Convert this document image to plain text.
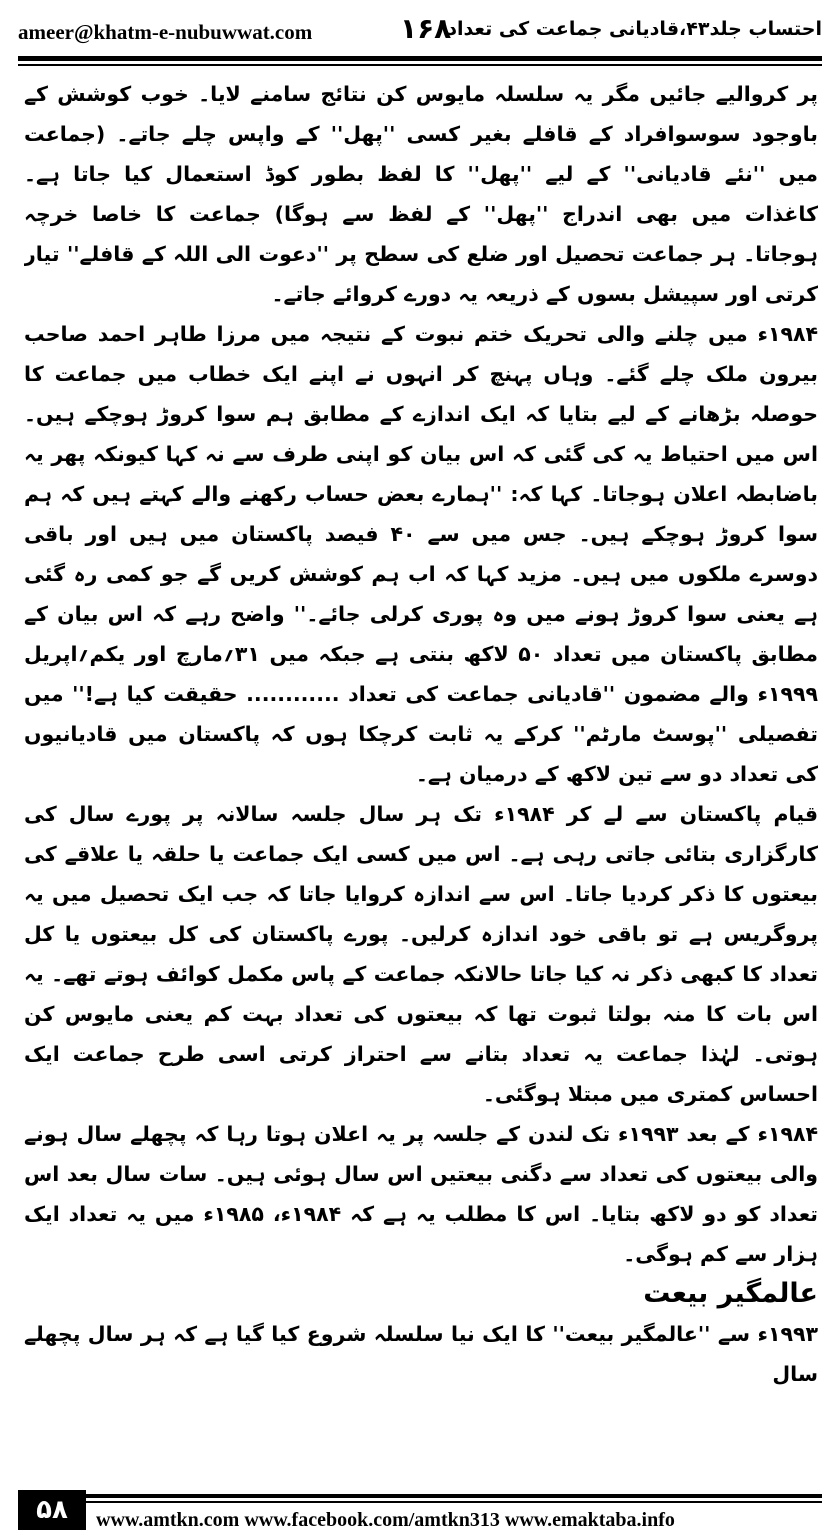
ameer@khatm-e-nubuwwat.com	۱۶۸
احتساب جلد۴۳،قادیانی جماعت کی تعداد

پر کروالیے جائیں مگر یہ سلسلہ مایوس کن نتائج سامنے لایا۔ خوب کوشش کے باوجود سوسوافراد کے قافلے بغیر کسی ''پھل'' کے واپس چلے جاتے۔ (جماعت میں ''نئے قادیانی'' کے لیے ''پھل'' کا لفظ بطور کوڈ استعمال کیا جاتا ہے۔ کاغذات میں بھی اندراج ''پھل'' کے لفظ سے ہوگا) جماعت کا خاصا خرچہ ہوجاتا۔ ہر جماعت تحصیل اور ضلع کی سطح پر ''دعوت الی اللہ کے قافلے'' تیار کرتی اور سپیشل بسوں کے ذریعہ یہ دورے کروائے جاتے۔

۱۹۸۴ء میں چلنے والی تحریک ختم نبوت کے نتیجہ میں مرزا طاہر احمد صاحب بیرون ملک چلے گئے۔ وہاں پہنچ کر انہوں نے اپنے ایک خطاب میں جماعت کا حوصلہ بڑھانے کے لیے بتایا کہ ایک اندازے کے مطابق ہم سوا کروڑ ہوچکے ہیں۔ اس میں احتیاط یہ کی گئی کہ اس بیان کو اپنی طرف سے نہ کہا کیونکہ پھر یہ باضابطہ اعلان ہوجاتا۔ کہا کہ: ''ہمارے بعض حساب رکھنے والے کہتے ہیں کہ ہم سوا کروڑ ہوچکے ہیں۔ جس میں سے ۴۰ فیصد پاکستان میں ہیں اور باقی دوسرے ملکوں میں ہیں۔ مزید کہا کہ اب ہم کوشش کریں گے جو کمی رہ گئی ہے یعنی سوا کروڑ ہونے میں وہ پوری کرلی جائے۔'' واضح رہے کہ اس بیان کے مطابق پاکستان میں تعداد ۵۰ لاکھ بنتی ہے جبکہ میں ۳۱؍مارچ اور یکم؍اپریل ۱۹۹۹ء والے مضمون ''قادیانی جماعت کی تعداد ............ حقیقت کیا ہے!'' میں تفصیلی ''پوسٹ مارٹم'' کرکے یہ ثابت کرچکا ہوں کہ پاکستان میں قادیانیوں کی تعداد دو سے تین لاکھ کے درمیان ہے۔

قیام پاکستان سے لے کر ۱۹۸۴ء تک ہر سال جلسہ سالانہ پر پورے سال کی کارگزاری بتائی جاتی رہی ہے۔ اس میں کسی ایک جماعت یا حلقہ یا علاقے کی بیعتوں کا ذکر کردیا جاتا۔ اس سے اندازہ کروایا جاتا کہ جب ایک تحصیل میں یہ پروگریس ہے تو باقی خود اندازہ کرلیں۔ پورے پاکستان کی کل بیعتوں یا کل تعداد کا کبھی ذکر نہ کیا جاتا حالانکہ جماعت کے پاس مکمل کوائف ہوتے تھے۔ یہ اس بات کا منہ بولتا ثبوت تھا کہ بیعتوں کی تعداد بہت کم یعنی مایوس کن ہوتی۔ لہٰذا جماعت یہ تعداد بتانے سے احتراز کرتی اسی طرح جماعت ایک احساس کمتری میں مبتلا ہوگئی۔

۱۹۸۴ء کے بعد ۱۹۹۳ء تک لندن کے جلسہ پر یہ اعلان ہوتا رہا کہ پچھلے سال ہونے والی بیعتوں کی تعداد سے دگنی بیعتیں اس سال ہوئی ہیں۔ سات سال بعد اس تعداد کو دو لاکھ بتایا۔ اس کا مطلب یہ ہے کہ ۱۹۸۴ء، ۱۹۸۵ء میں یہ تعداد ایک ہزار سے کم ہوگی۔

عالمگیر بیعت

۱۹۹۳ء سے ''عالمگیر بیعت'' کا ایک نیا سلسلہ شروع کیا گیا ہے کہ ہر سال پچھلے سال

۵۸	www.amtkn.com www.facebook.com/amtkn313 www.emaktaba.info
